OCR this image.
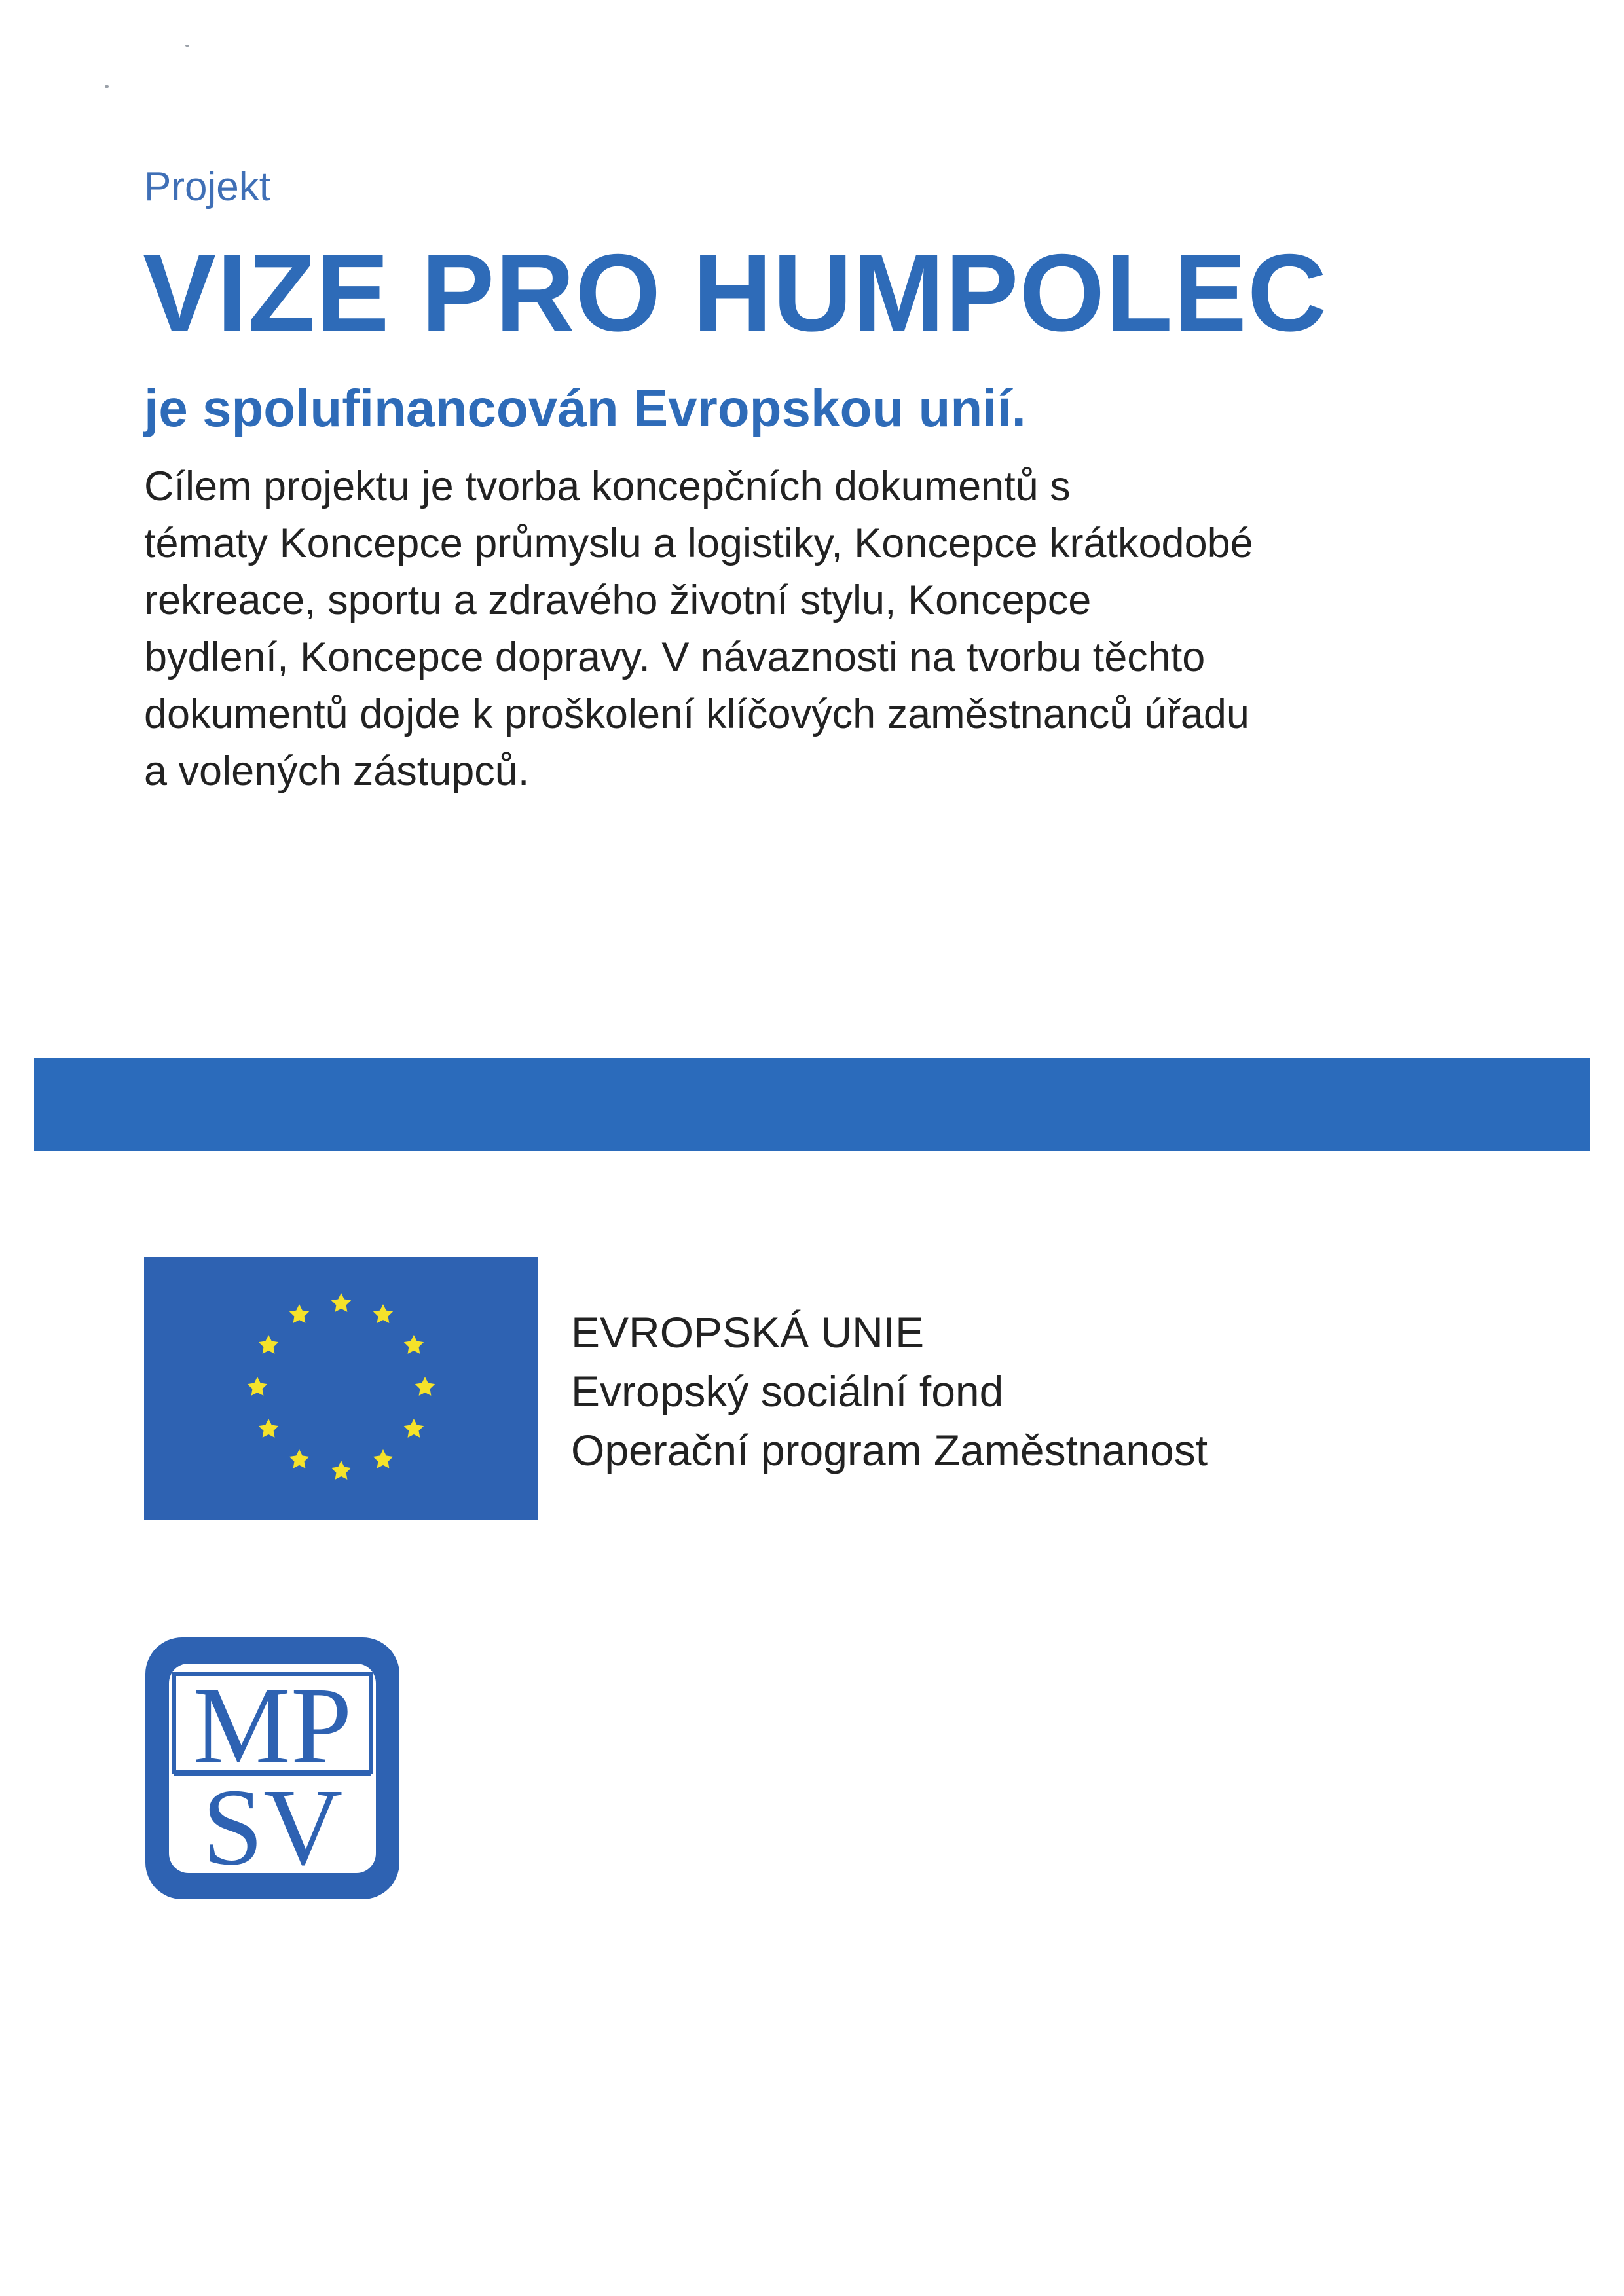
Projekt

VIZE PRO HUMPOLEC
je spolufinancován Evropskou unií.
Cílem projektu je tvorba koncepčních dokumentů s
tématy Koncepce průmyslu a logistiky, Koncepce krátkodobé
rekreace, sportu a zdravého životní stylu, Koncepce
bydlení, Koncepce dopravy. V návaznosti na tvorbu těchto
dokumentů dojde k proškolení klíčových zaměstnanců úřadu
a volených zástupců.
EVROPSKÁ UNIE
Evropský sociální fond
Operační program Zaměstnanost
MP
SV
